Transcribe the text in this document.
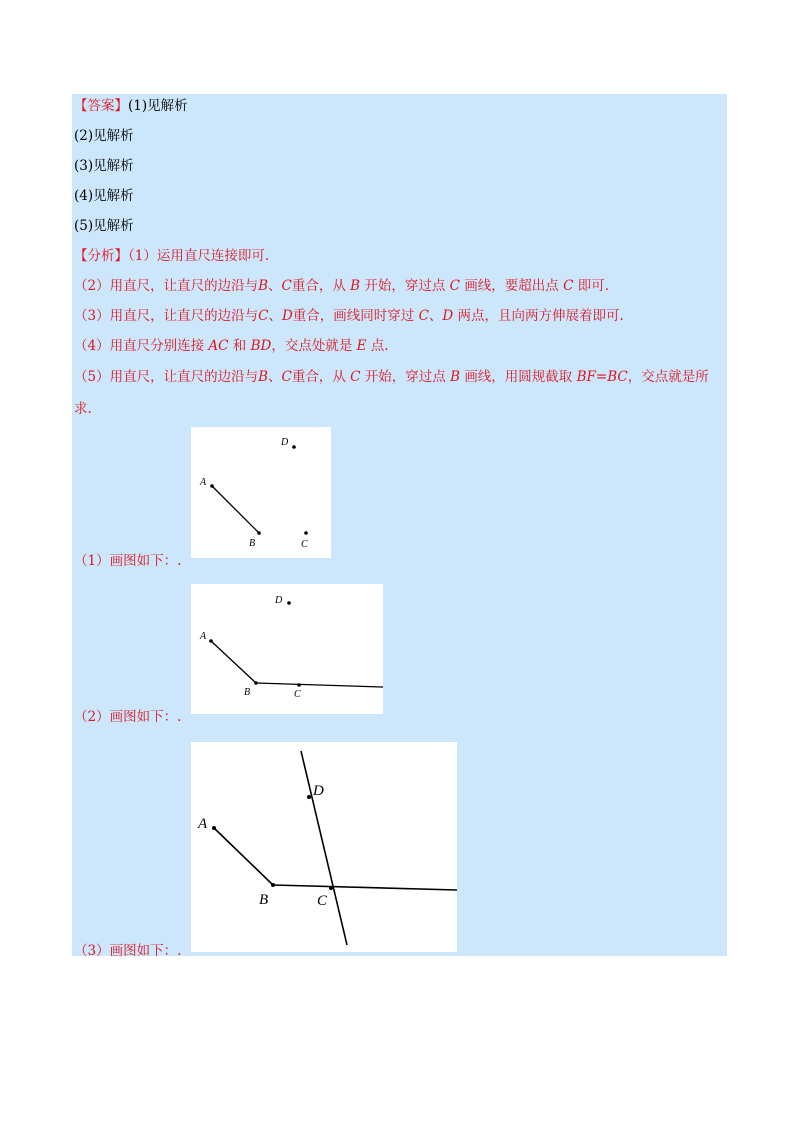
【答案】(1)见解析
(2)见解析
(3)见解析
(4)见解析
(5)见解析
【分析】（1）运用直尺连接即可.
（2）用直尺，让直尺的边沿与B、C重合，从 B 开始，穿过点 C 画线，要超出点 C 即可.
（3）用直尺，让直尺的边沿与C、D重合，画线同时穿过 C、D 两点，且向两方伸展着即可.
（4）用直尺分别连接 AC 和 BD，交点处就是 E 点.
（5）用直尺，让直尺的边沿与B、C重合，从 C 开始，穿过点 B 画线，用圆规截取 BF=BC，交点就是所
求.
（1）画图如下：.
A
B	C
D
（2）画图如下：.
A
B	C
D
（3）画图如下：.
A
B	C
D
